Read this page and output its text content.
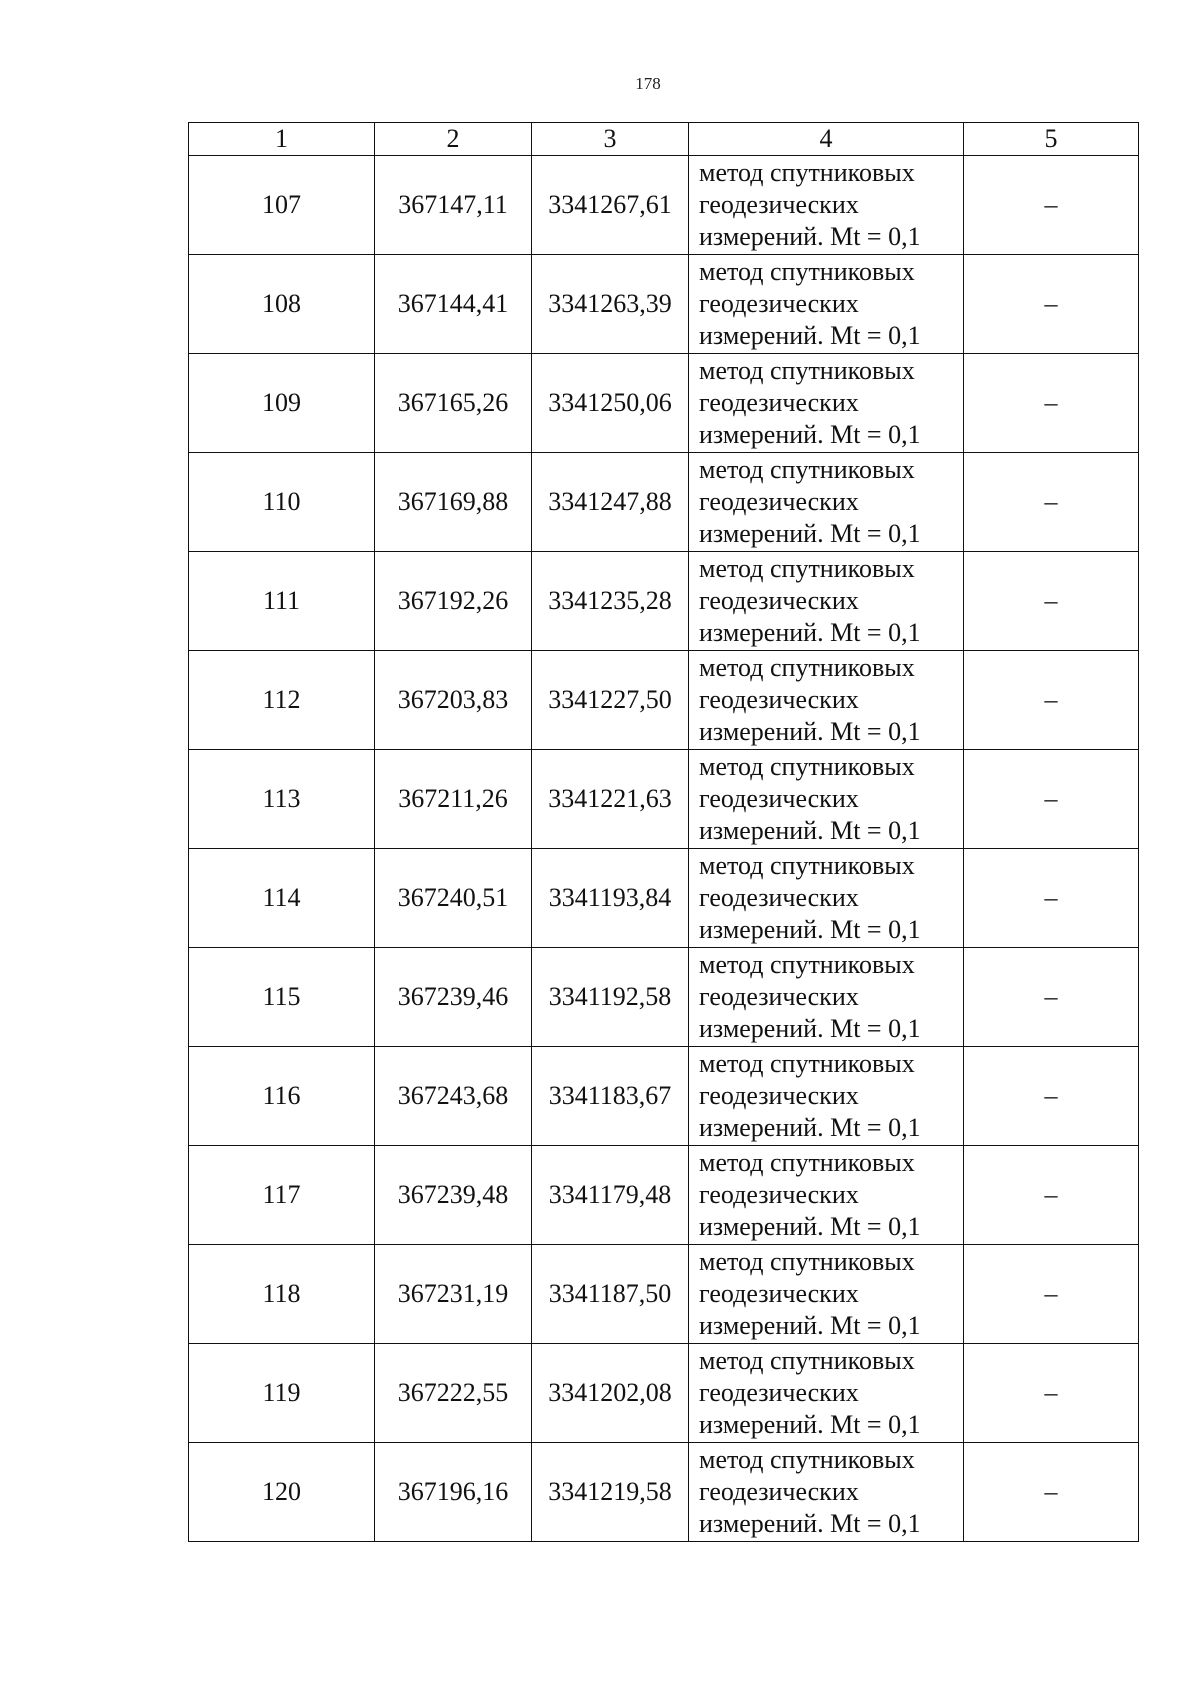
178
1	2	3	4	5
107	367147,11	3341267,61	метод спутниковых
геодезических
измерений. Mt = 0,1	–
108	367144,41	3341263,39	метод спутниковых
геодезических
измерений. Mt = 0,1	–
109	367165,26	3341250,06	метод спутниковых
геодезических
измерений. Mt = 0,1	–
110	367169,88	3341247,88	метод спутниковых
геодезических
измерений. Mt = 0,1	–
111	367192,26	3341235,28	метод спутниковых
геодезических
измерений. Mt = 0,1	–
112	367203,83	3341227,50	метод спутниковых
геодезических
измерений. Mt = 0,1	–
113	367211,26	3341221,63	метод спутниковых
геодезических
измерений. Mt = 0,1	–
114	367240,51	3341193,84	метод спутниковых
геодезических
измерений. Mt = 0,1	–
115	367239,46	3341192,58	метод спутниковых
геодезических
измерений. Mt = 0,1	–
116	367243,68	3341183,67	метод спутниковых
геодезических
измерений. Mt = 0,1	–
117	367239,48	3341179,48	метод спутниковых
геодезических
измерений. Mt = 0,1	–
118	367231,19	3341187,50	метод спутниковых
геодезических
измерений. Mt = 0,1	–
119	367222,55	3341202,08	метод спутниковых
геодезических
измерений. Mt = 0,1	–
120	367196,16	3341219,58	метод спутниковых
геодезических
измерений. Mt = 0,1	–
